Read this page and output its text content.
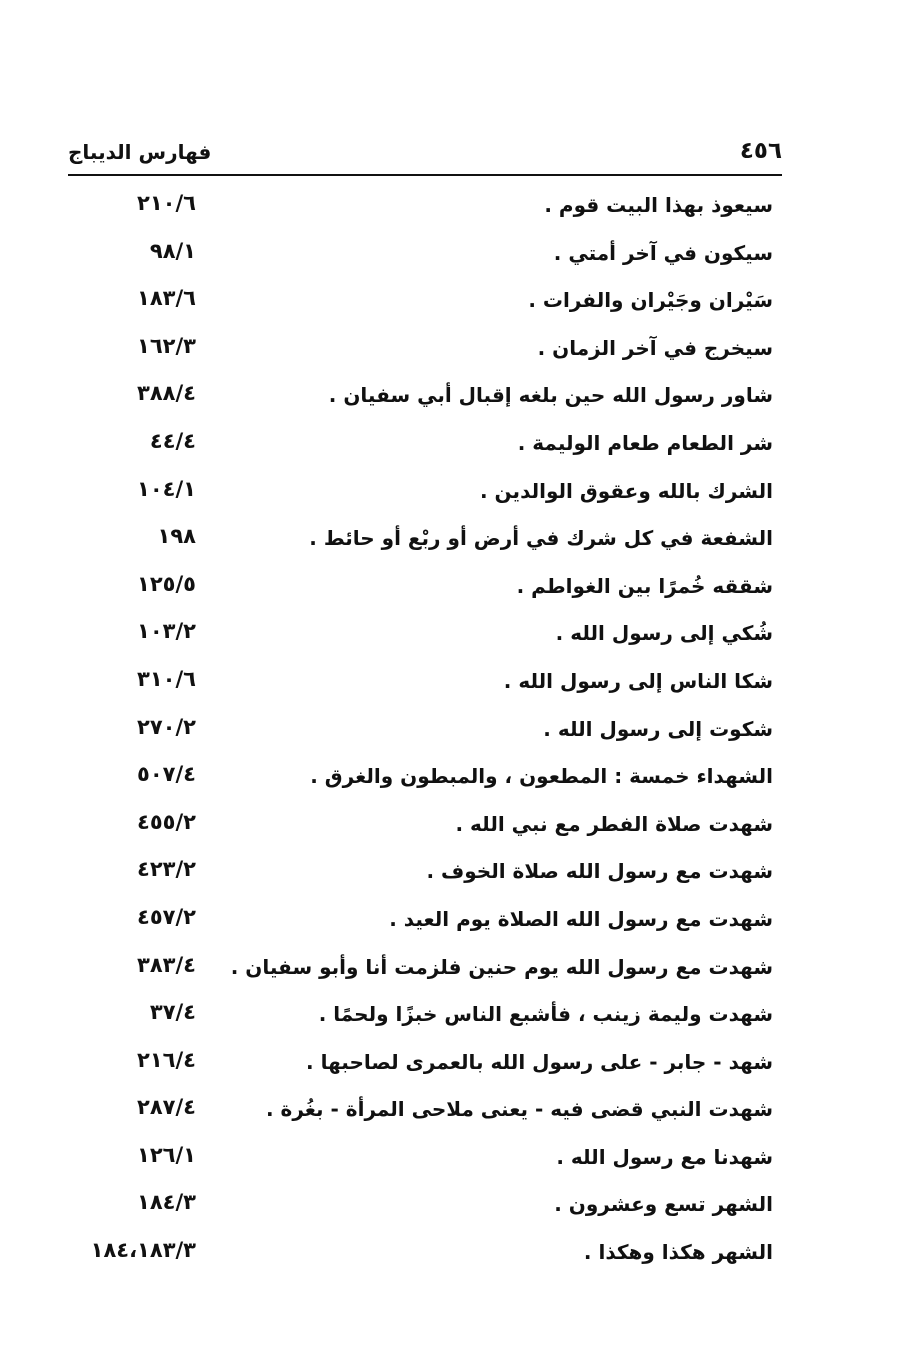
فهارس الديباج	٤٥٦
سيعوذ بهذا البيت قوم .
٢١٠/٦
سيكون في آخر أمتي .
٩٨/١
سَيْران وجَيْران والفرات .
١٨٣/٦
سيخرج في آخر الزمان .
١٦٢/٣
شاور رسول الله حين بلغه إقبال أبي سفيان .
٣٨٨/٤
شر الطعام طعام الوليمة .
٤٤/٤
الشرك بالله وعقوق الوالدين .
١٠٤/١
الشفعة في كل شرك في أرض أو ربْع أو حائط .
١٩٨
شققه خُمرًا بين الغواطم .
١٢٥/٥
شُكي إلى رسول الله .
١٠٣/٢
شكا الناس إلى رسول الله .
٣١٠/٦
شكوت إلى رسول الله .
٢٧٠/٢
الشهداء خمسة : المطعون ، والمبطون والغرق .
٥٠٧/٤
شهدت صلاة الفطر مع نبي الله .
٤٥٥/٢
شهدت مع رسول الله صلاة الخوف .
٤٢٣/٢
شهدت مع رسول الله الصلاة يوم العيد .
٤٥٧/٢
شهدت مع رسول الله يوم حنين فلزمت أنا وأبو سفيان .
٣٨٣/٤
شهدت وليمة زينب ، فأشبع الناس خبزًا ولحمًا .
٣٧/٤
شهد - جابر - على رسول الله بالعمرى لصاحبها .
٢١٦/٤
شهدت النبي قضى فيه - يعنى ملاحى المرأة - بغُرة .
٢٨٧/٤
شهدنا مع رسول الله .
١٢٦/١
الشهر تسع وعشرون .
١٨٤/٣
الشهر هكذا وهكذا .
١٨٤،١٨٣/٣
